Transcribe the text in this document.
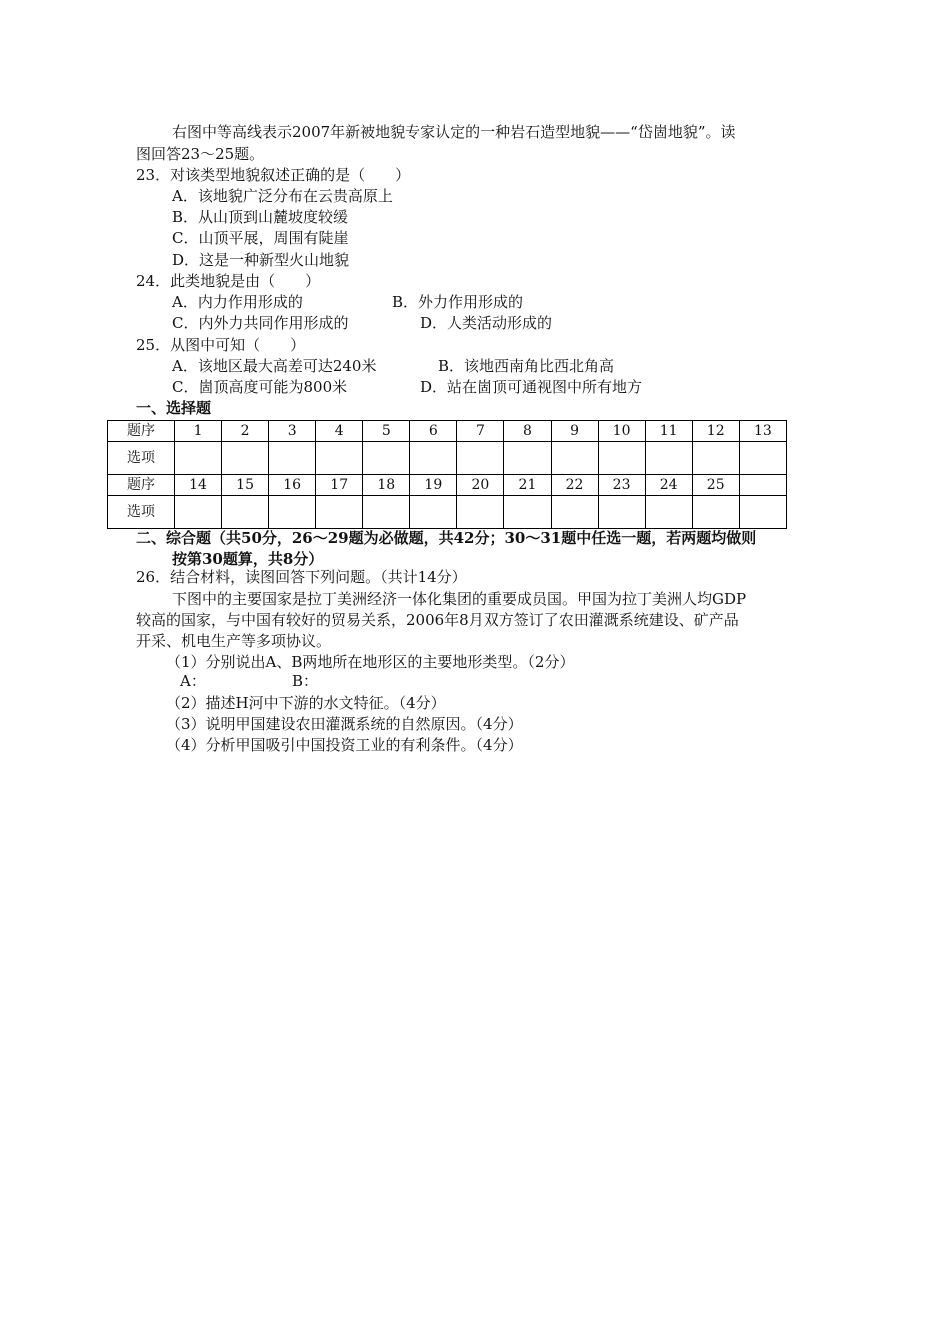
右图中等高线表示2007年新被地貌专家认定的一种岩石造型地貌——“岱崮地貌”。读
图回答23～25题。
23．对该类型地貌叙述正确的是（　　）
A．该地貌广泛分布在云贵高原上
B．从山顶到山麓坡度较缓
C．山顶平展，周围有陡崖
D．这是一种新型火山地貌
24．此类地貌是由（　　）
A．内力作用形成的	B．外力作用形成的
C．内外力共同作用形成的	D．人类活动形成的
25．从图中可知（　　）
A．该地区最大高差可达240米	B．该地西南角比西北角高
C．崮顶高度可能为800米	D．站在崮顶可通视图中所有地方
一、选择题
题序	1	2	3	4	5	6	7	8	9	10	11	12	13
选项													
题序	14	15	16	17	18	19	20	21	22	23	24	25	
选项													
二、综合题（共50分，26～29题为必做题，共42分；30～31题中任选一题，若两题均做则
按第30题算，共8分）
26．结合材料，读图回答下列问题。（共计14分）
下图中的主要国家是拉丁美洲经济一体化集团的重要成员国。甲国为拉丁美洲人均GDP
较高的国家，与中国有较好的贸易关系，2006年8月双方签订了农田灌溉系统建设、矿产品
开采、机电生产等多项协议。
（1）分别说出A、B两地所在地形区的主要地形类型。（2分）
A：	B：
（2）描述H河中下游的水文特征。（4分）
（3）说明甲国建设农田灌溉系统的自然原因。（4分）
（4）分析甲国吸引中国投资工业的有利条件。（4分）
